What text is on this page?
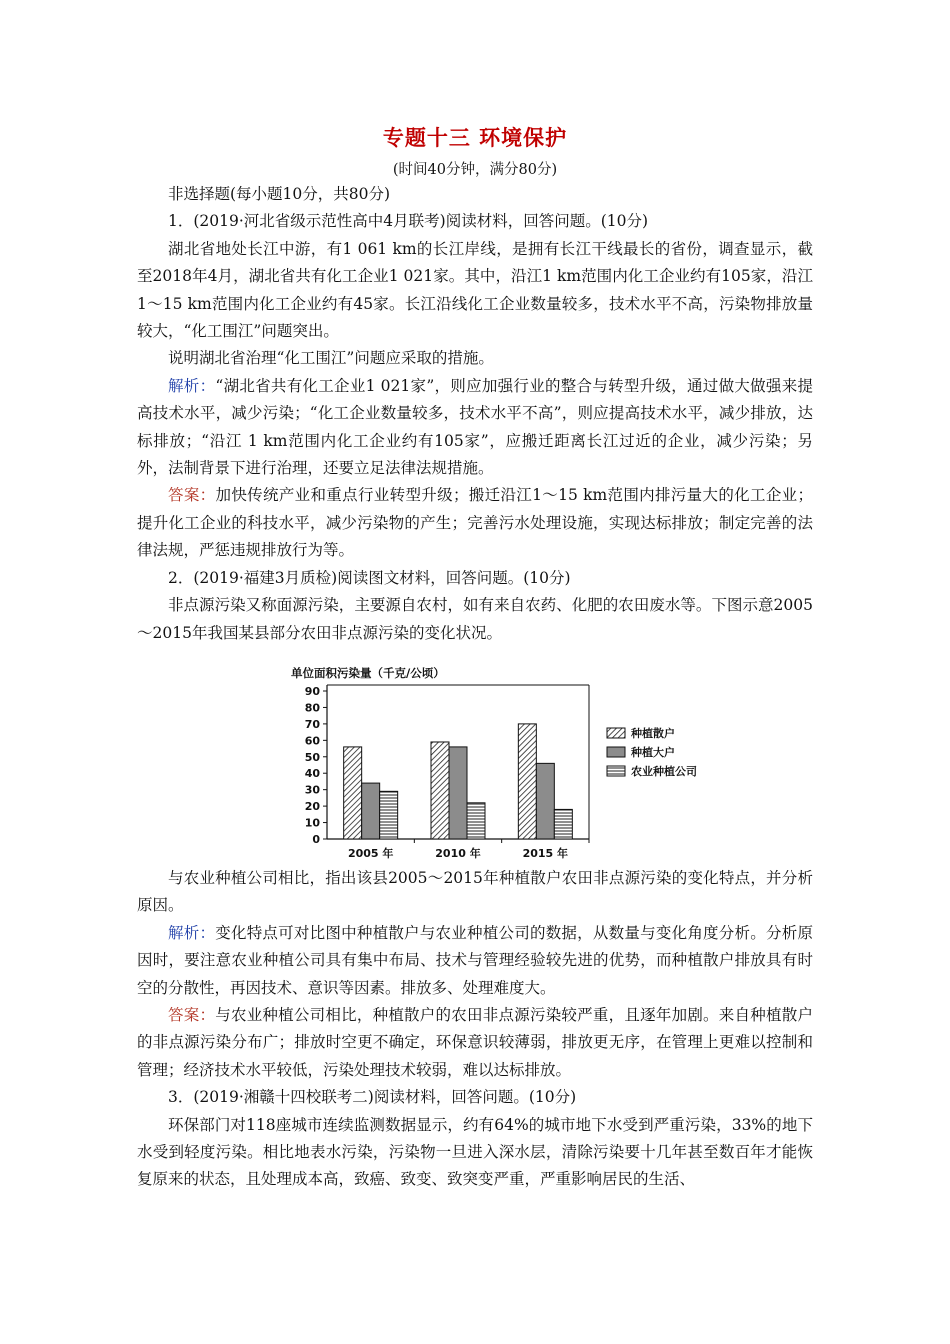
专题十三 环境保护
(时间40分钟，满分80分)

非选择题(每小题10分，共80分)

1．(2019·河北省级示范性高中4月联考)阅读材料，回答问题。(10分)

湖北省地处长江中游，有1 061 km的长江岸线，是拥有长江干线最长的省份，调查显示，截至2018年4月，湖北省共有化工企业1 021家。其中，沿江1 km范围内化工企业约有105家，沿江1～15 km范围内化工企业约有45家。长江沿线化工企业数量较多，技术水平不高，污染物排放量较大，“化工围江”问题突出。

说明湖北省治理“化工围江”问题应采取的措施。

解析：“湖北省共有化工企业1 021家”，则应加强行业的整合与转型升级，通过做大做强来提高技术水平，减少污染；“化工企业数量较多，技术水平不高”，则应提高技术水平，减少排放，达标排放；“沿江 1 km范围内化工企业约有105家”，应搬迁距离长江过近的企业，减少污染；另外，法制背景下进行治理，还要立足法律法规措施。

答案：加快传统产业和重点行业转型升级；搬迁沿江1～15 km范围内排污量大的化工企业；提升化工企业的科技水平，减少污染物的产生；完善污水处理设施，实现达标排放；制定完善的法律法规，严惩违规排放行为等。

2．(2019·福建3月质检)阅读图文材料，回答问题。(10分)

非点源污染又称面源污染，主要源自农村，如有来自农药、化肥的农田废水等。下图示意2005～2015年我国某县部分农田非点源污染的变化状况。

单位面积污染量（千克/公顷）
0
10
20
30
40
50
60
70
80
90
2005 年	2010 年	2015 年
种植散户
种植大户
农业种植公司

与农业种植公司相比，指出该县2005～2015年种植散户农田非点源污染的变化特点，并分析原因。

解析：变化特点可对比图中种植散户与农业种植公司的数据，从数量与变化角度分析。分析原因时，要注意农业种植公司具有集中布局、技术与管理经验较先进的优势，而种植散户排放具有时空的分散性，再因技术、意识等因素。排放多、处理难度大。

答案：与农业种植公司相比，种植散户的农田非点源污染较严重，且逐年加剧。来自种植散户的非点源污染分布广；排放时空更不确定，环保意识较薄弱，排放更无序，在管理上更难以控制和管理；经济技术水平较低，污染处理技术较弱，难以达标排放。

3．(2019·湘赣十四校联考二)阅读材料，回答问题。(10分)

环保部门对118座城市连续监测数据显示，约有64%的城市地下水受到严重污染，33%的地下水受到轻度污染。相比地表水污染，污染物一旦进入深水层，清除污染要十几年甚至数百年才能恢复原来的状态，且处理成本高，致癌、致变、致突变严重，严重影响居民的生活、
